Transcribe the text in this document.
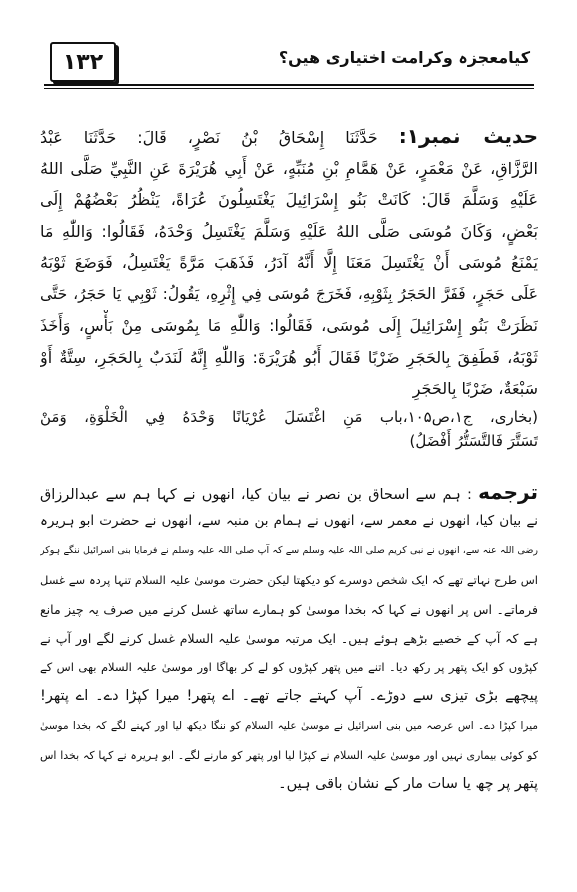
۱۳۲	کیامعجزہ وکرامت اختیاری ھیں؟
حدیث نمبر۱: حَدَّثَنَا إِسْحَاقُ بْنُ نَصْرٍ، قَالَ: حَدَّثَنَا عَبْدُ
الرَّزَّاقِ، عَنْ مَعْمَرٍ، عَنْ هَمَّامِ بْنِ مُنَبِّهٍ، عَنْ أَبِي هُرَيْرَةَ عَنِ النَّبِيِّ صَلَّى اللهُ
عَلَيْهِ وَسَلَّمَ قَالَ: كَانَتْ بَنُو إِسْرَائِيلَ يَغْتَسِلُونَ عُرَاةً، يَنْظُرُ بَعْضُهُمْ إِلَى
بَعْضٍ، وَكَانَ مُوسَى صَلَّى اللهُ عَلَيْهِ وَسَلَّمَ يَغْتَسِلُ وَحْدَهُ، فَقَالُوا: وَاللّٰهِ مَا
يَمْنَعُ مُوسَى أَنْ يَغْتَسِلَ مَعَنَا إِلَّا أَنَّهُ آدَرُ، فَذَهَبَ مَرَّةً يَغْتَسِلُ، فَوَضَعَ ثَوْبَهُ
عَلَى حَجَرٍ، فَفَرَّ الحَجَرُ بِثَوْبِهِ، فَخَرَجَ مُوسَى فِي إِثْرِهِ، يَقُولُ: ثَوْبِي يَا حَجَرُ، حَتَّى
نَظَرَتْ بَنُو إِسْرَائِيلَ إِلَى مُوسَى، فَقَالُوا: وَاللّٰهِ مَا بِمُوسَى مِنْ بَأْسٍ، وَأَخَذَ
ثَوْبَهُ، فَطَفِقَ بِالحَجَرِ ضَرْبًا فَقَالَ أَبُو هُرَيْرَةَ: وَاللّٰهِ إِنَّهُ لَنَدَبٌ بِالحَجَرِ، سِتَّةٌ أَوْ
سَبْعَةٌ، ضَرْبًا بِالحَجَرِ
(بخاری، ج۱،ص۱۰۵،باب مَنِ اغْتَسَلَ عُرْيَانًا وَحْدَهُ فِي الْخَلْوَةِ، وَمَنْ
تَسَتَّرَ فَالتَّسَتُّرُ أَفْضَلُ)
ترجمه : ہم سے اسحاق بن نصر نے بیان کیا، انھوں نے کہا ہم سے عبدالرزاق
نے بیان کیا، انھوں نے معمر سے، انھوں نے ہمام بن منبہ سے، انھوں نے حضرت ابو ہریرہ
رضی اللہ عنہ سے، انھوں نے نبی کریم صلی اللہ علیہ وسلم سے کہ آپ صلی اللہ علیہ وسلم نے فرمایا بنی اسرائیل ننگے ہوکر
اس طرح نہاتے تھے کہ ایک شخص دوسرے کو دیکھتا لیکن حضرت موسیٰ علیہ السلام تنہا پردہ سے غسل
فرماتے۔ اس پر انھوں نے کہا کہ بخدا موسیٰ کو ہمارے ساتھ غسل کرنے میں صرف یہ چیز مانع
ہے کہ آپ کے خصیے بڑھے ہوئے ہیں۔ ایک مرتبہ موسیٰ علیہ السلام غسل کرنے لگے اور آپ نے
کپڑوں کو ایک پتھر پر رکھ دیا۔ اتنے میں پتھر کپڑوں کو لے کر بھاگا اور موسیٰ علیہ السلام بھی اس کے
پیچھے بڑی تیزی سے دوڑے۔ آپ کہتے جاتے تھے۔ اے پتھر! میرا کپڑا دے۔ اے پتھر!
میرا کپڑا دے۔ اس عرصہ میں بنی اسرائیل نے موسیٰ علیہ السلام کو ننگا دیکھ لیا اور کہنے لگے کہ بخدا موسیٰ
کو کوئی بیماری نہیں اور موسیٰ علیہ السلام نے کپڑا لیا اور پتھر کو مارنے لگے۔ ابو ہریرہ نے کہا کہ بخدا اس
پتھر پر چھ یا سات مار کے نشان باقی ہیں۔
